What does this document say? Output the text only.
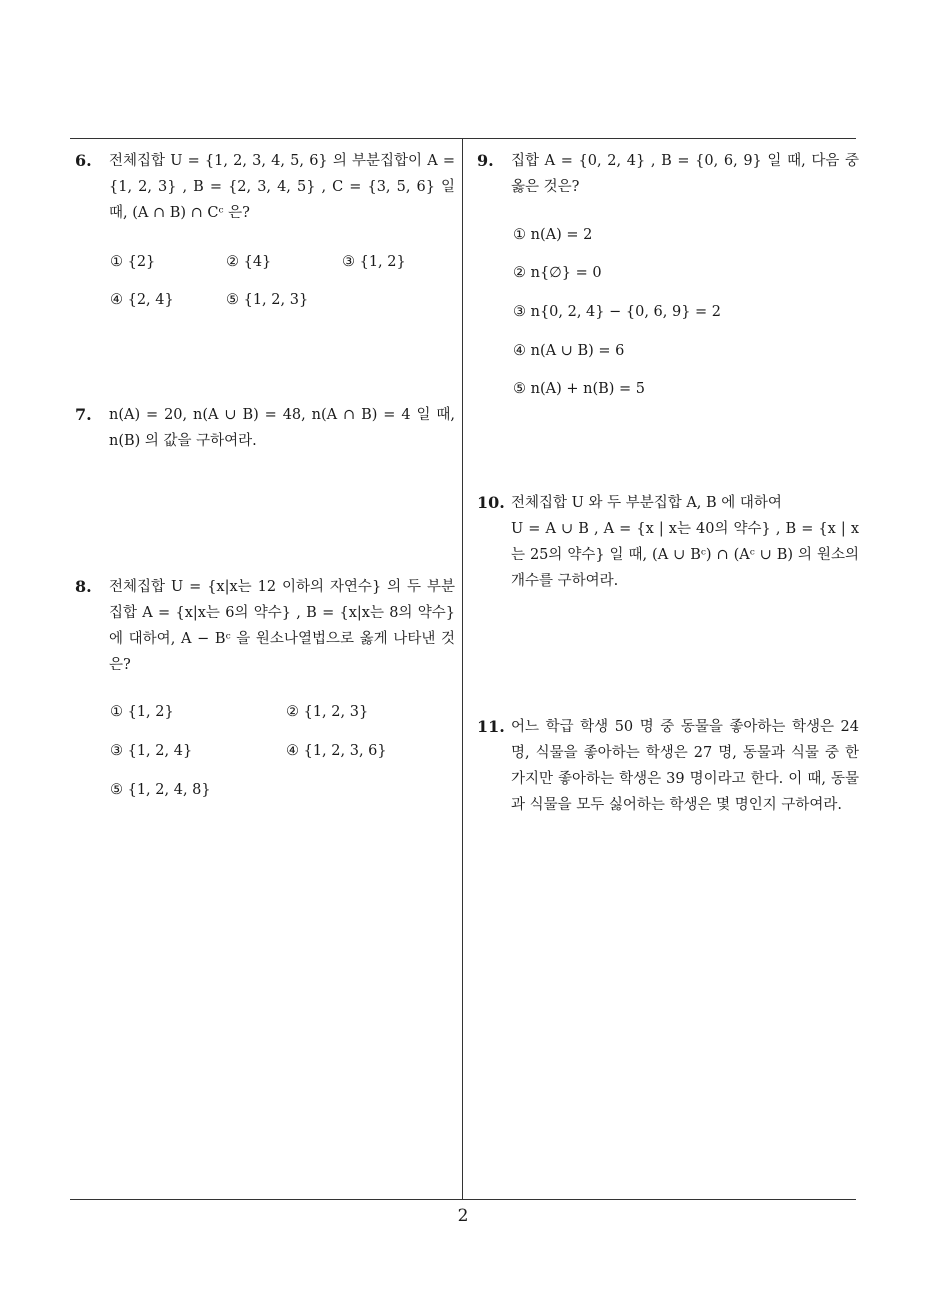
6. 전체집합 U = {1, 2, 3, 4, 5, 6} 의 부분집합이 A = {1, 2, 3} , B = {2, 3, 4, 5} , C = {3, 5, 6} 일 때, (A ∩ B) ∩ Cᶜ 은?
① {2}	② {4}	③ {1, 2}
④ {2, 4}	⑤ {1, 2, 3}
7. n(A) = 20, n(A ∪ B) = 48, n(A ∩ B) = 4 일 때, n(B) 의 값을 구하여라.
8. 전체집합 U = {x|x는 12 이하의 자연수} 의 두 부분집합 A = {x|x는 6의 약수} , B = {x|x는 8의 약수} 에 대하여, A − Bᶜ 을 원소나열법으로 옳게 나타낸 것은?
① {1, 2}	② {1, 2, 3}
③ {1, 2, 4}	④ {1, 2, 3, 6}
⑤ {1, 2, 4, 8}
9. 집합 A = {0, 2, 4} , B = {0, 6, 9} 일 때, 다음 중 옳은 것은?
① n(A) = 2
② n{∅} = 0
③ n{0, 2, 4} − {0, 6, 9} = 2
④ n(A ∪ B) = 6
⑤ n(A) + n(B) = 5
10. 전체집합 U 와 두 부분집합 A, B 에 대하여
U = A ∪ B , A = {x | x는 40의 약수} , B = {x | x는 25의 약수} 일 때, (A ∪ Bᶜ) ∩ (Aᶜ ∪ B) 의 원소의 개수를 구하여라.
11. 어느 학급 학생 50 명 중 동물을 좋아하는 학생은 24 명, 식물을 좋아하는 학생은 27 명, 동물과 식물 중 한 가지만 좋아하는 학생은 39 명이라고 한다. 이 때, 동물과 식물을 모두 싫어하는 학생은 몇 명인지 구하여라.
2
